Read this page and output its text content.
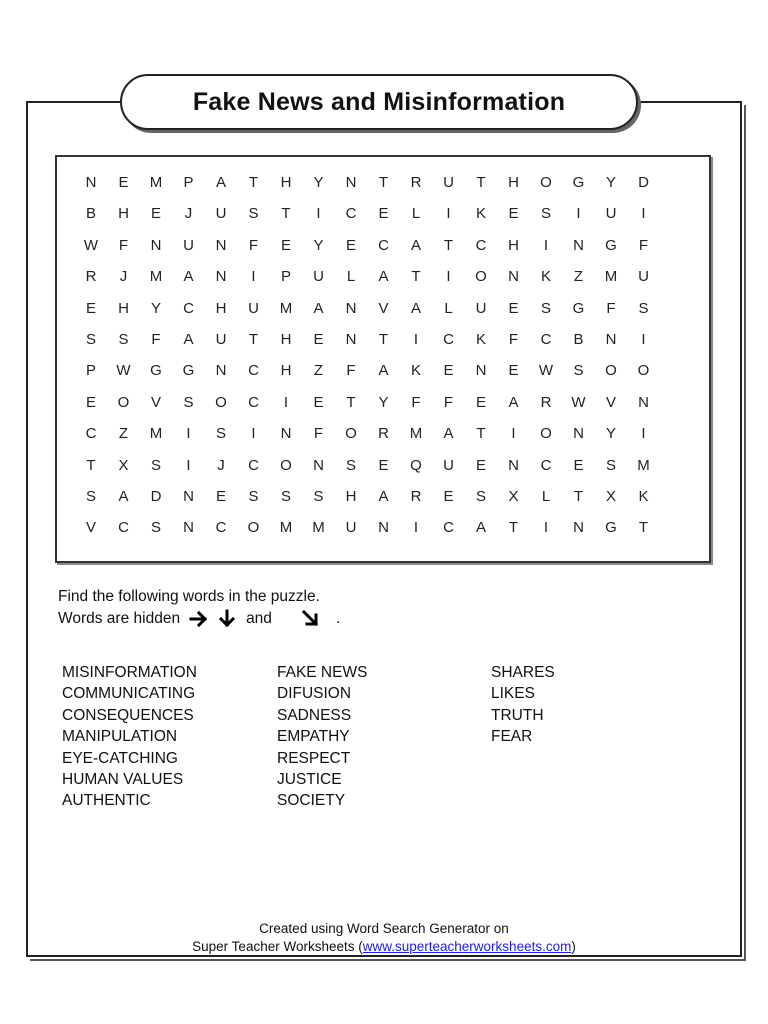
Fake News and Misinformation
N	E	M	P	A	T	H	Y	N	T	R	U	T	H	O	G	Y	D
B	H	E	J	U	S	T	I	C	E	L	I	K	E	S	I	U	I
W	F	N	U	N	F	E	Y	E	C	A	T	C	H	I	N	G	F
R	J	M	A	N	I	P	U	L	A	T	I	O	N	K	Z	M	U
E	H	Y	C	H	U	M	A	N	V	A	L	U	E	S	G	F	S
S	S	F	A	U	T	H	E	N	T	I	C	K	F	C	B	N	I
P	W	G	G	N	C	H	Z	F	A	K	E	N	E	W	S	O	O
E	O	V	S	O	C	I	E	T	Y	F	F	E	A	R	W	V	N
C	Z	M	I	S	I	N	F	O	R	M	A	T	I	O	N	Y	I
T	X	S	I	J	C	O	N	S	E	Q	U	E	N	C	E	S	M
S	A	D	N	E	S	S	S	H	A	R	E	S	X	L	T	X	K
V	C	S	N	C	O	M	M	U	N	I	C	A	T	I	N	G	T
Find the following words in the puzzle.
Words are hidden	and	.
MISINFORMATION
COMMUNICATING
CONSEQUENCES
MANIPULATION
EYE-CATCHING
HUMAN VALUES
AUTHENTIC
FAKE NEWS
DIFUSION
SADNESS
EMPATHY
RESPECT
JUSTICE
SOCIETY
SHARES
LIKES
TRUTH
FEAR
Created using Word Search Generator on
Super Teacher Worksheets (www.superteacherworksheets.com)
